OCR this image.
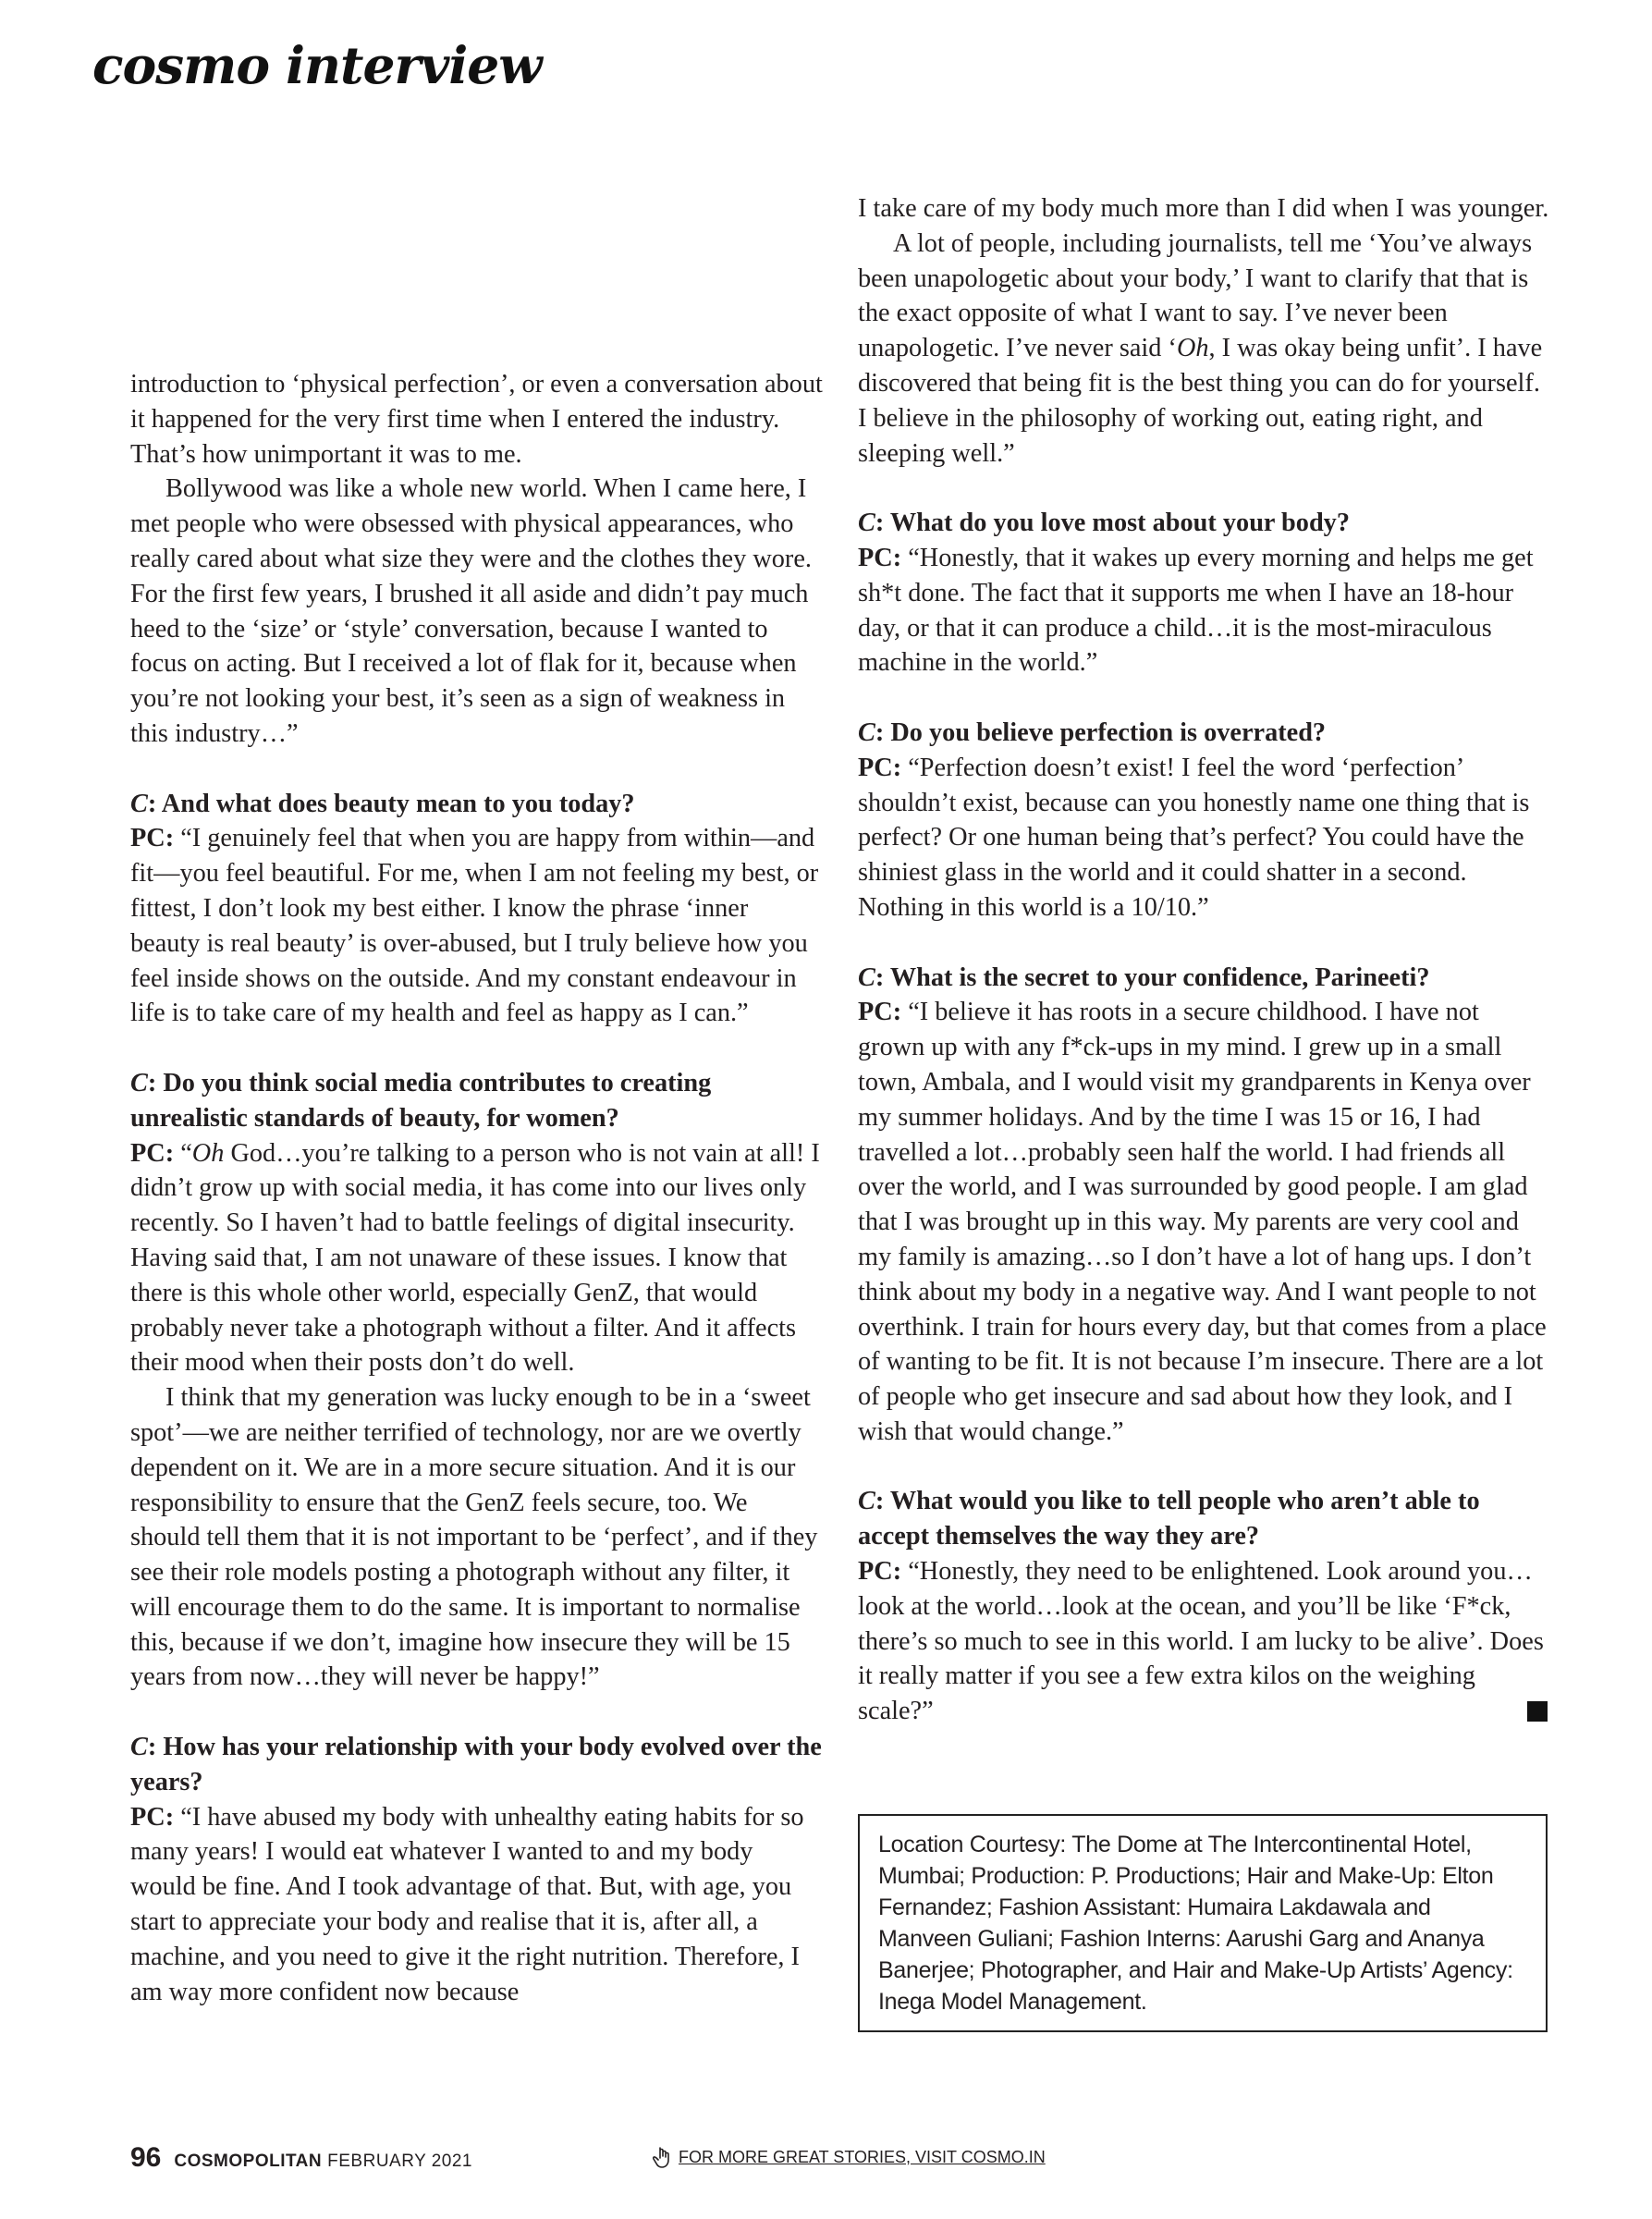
cosmo interview

introduction to ‘physical perfection’, or even a conversation about it happened for the very first time when I entered the industry. That’s how unimportant it was to me.

Bollywood was like a whole new world. When I came here, I met people who were obsessed with physical appearances, who really cared about what size they were and the clothes they wore. For the first few years, I brushed it all aside and didn’t pay much heed to the ‘size’ or ‘style’ conversation, because I wanted to focus on acting. But I received a lot of flak for it, because when you’re not looking your best, it’s seen as a sign of weakness in this industry…”

C: And what does beauty mean to you today?

PC: “I genuinely feel that when you are happy from within—and fit—you feel beautiful. For me, when I am not feeling my best, or fittest, I don’t look my best either. I know the phrase ‘inner beauty is real beauty’ is over-abused, but I truly believe how you feel inside shows on the outside. And my constant endeavour in life is to take care of my health and feel as happy as I can.”

C: Do you think social media contributes to creating unrealistic standards of beauty, for women?

PC: “Oh God…you’re talking to a person who is not vain at all! I didn’t grow up with social media, it has come into our lives only recently. So I haven’t had to battle feelings of digital insecurity. Having said that, I am not unaware of these issues. I know that there is this whole other world, especially GenZ, that would probably never take a photograph without a filter. And it affects their mood when their posts don’t do well.

I think that my generation was lucky enough to be in a ‘sweet spot’—we are neither terrified of technology, nor are we overtly dependent on it. We are in a more secure situation. And it is our responsibility to ensure that the GenZ feels secure, too. We should tell them that it is not important to be ‘perfect’, and if they see their role models posting a photograph without any filter, it will encourage them to do the same. It is important to normalise this, because if we don’t, imagine how insecure they will be 15 years from now…they will never be happy!”

C: How has your relationship with your body evolved over the years?

PC: “I have abused my body with unhealthy eating habits for so many years! I would eat whatever I wanted to and my body would be fine. And I took advantage of that. But, with age, you start to appreciate your body and realise that it is, after all, a machine, and you need to give it the right nutrition. Therefore, I am way more confident now because

I take care of my body much more than I did when I was younger.

A lot of people, including journalists, tell me ‘You’ve always been unapologetic about your body,’ I want to clarify that that is the exact opposite of what I want to say. I’ve never been unapologetic. I’ve never said ‘Oh, I was okay being unfit’. I have discovered that being fit is the best thing you can do for yourself. I believe in the philosophy of working out, eating right, and sleeping well.”

C: What do you love most about your body?

PC: “Honestly, that it wakes up every morning and helps me get sh*t done. The fact that it supports me when I have an 18-hour day, or that it can produce a child…it is the most-miraculous machine in the world.”

C: Do you believe perfection is overrated?

PC: “Perfection doesn’t exist! I feel the word ‘perfection’ shouldn’t exist, because can you honestly name one thing that is perfect? Or one human being that’s perfect? You could have the shiniest glass in the world and it could shatter in a second. Nothing in this world is a 10/10.”

C: What is the secret to your confidence, Parineeti?

PC: “I believe it has roots in a secure childhood. I have not grown up with any f*ck-ups in my mind. I grew up in a small town, Ambala, and I would visit my grandparents in Kenya over my summer holidays. And by the time I was 15 or 16, I had travelled a lot…probably seen half the world. I had friends all over the world, and I was surrounded by good people. I am glad that I was brought up in this way. My parents are very cool and my family is amazing…so I don’t have a lot of hang ups. I don’t think about my body in a negative way. And I want people to not overthink. I train for hours every day, but that comes from a place of wanting to be fit. It is not because I’m insecure. There are a lot of people who get insecure and sad about how they look, and I wish that would change.”

C: What would you like to tell people who aren’t able to accept themselves the way they are?

PC: “Honestly, they need to be enlightened. Look around you…look at the world…look at the ocean, and you’ll be like ‘F*ck, there’s so much to see in this world. I am lucky to be alive’. Does it really matter if you see a few extra kilos on the weighing scale?”

Location Courtesy: The Dome at The Intercontinental Hotel, Mumbai; Production: P. Productions; Hair and Make-Up: Elton Fernandez; Fashion Assistant: Humaira Lakdawala and Manveen Guliani; Fashion Interns: Aarushi Garg and Ananya Banerjee; Photographer, and Hair and Make-Up Artists’ Agency: Inega Model Management.
96 COSMOPOLITAN FEBRUARY 2021	FOR MORE GREAT STORIES, VISIT COSMO.IN
